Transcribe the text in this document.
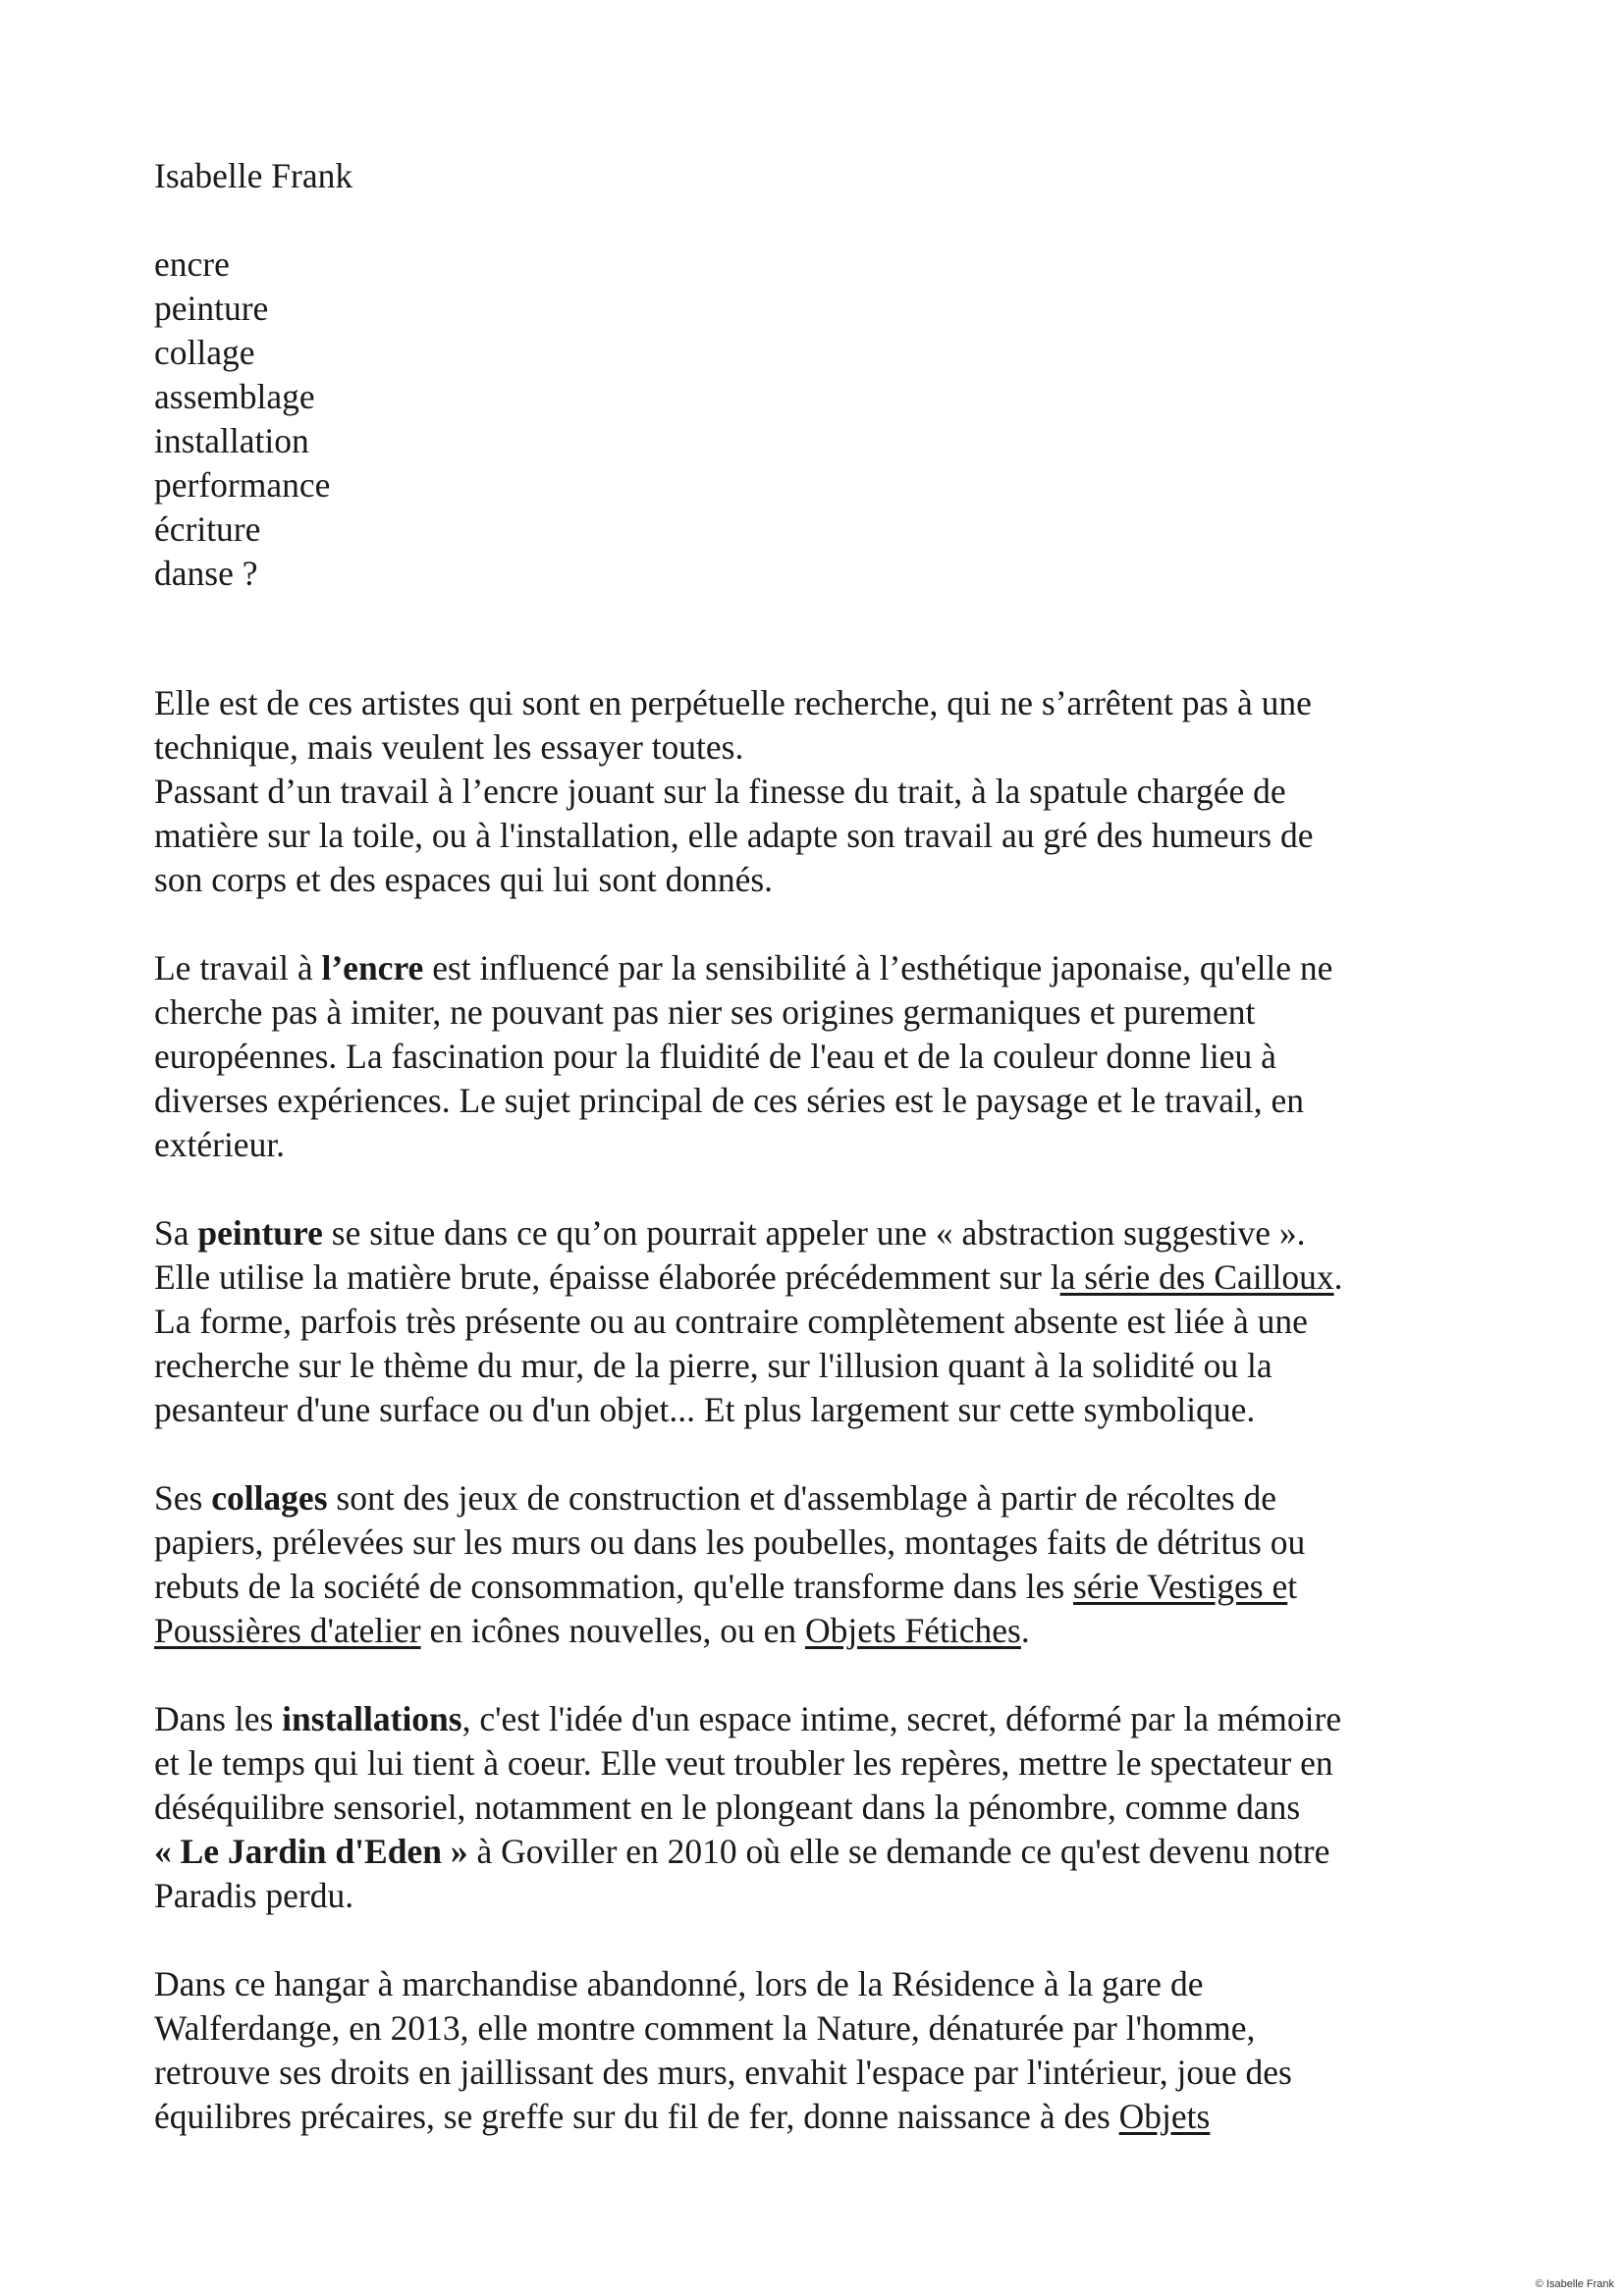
Isabelle Frank
encre
peinture
collage
assemblage
installation
performance
écriture
danse ?

Elle est de ces artistes qui sont en perpétuelle recherche, qui ne s’arrêtent pas à une
technique, mais veulent les essayer toutes.
Passant d’un travail à l’encre jouant sur la finesse du trait, à la spatule chargée de
matière sur la toile, ou à l'installation, elle adapte son travail au gré des humeurs de
son corps et des espaces qui lui sont donnés.

Le travail à l’encre est influencé par la sensibilité à l’esthétique japonaise, qu'elle ne
cherche pas à imiter, ne pouvant pas nier ses origines germaniques et purement
européennes. La fascination pour la fluidité de l'eau et de la couleur donne lieu à
diverses expériences. Le sujet principal de ces séries est le paysage et le travail, en
extérieur.

Sa peinture se situe dans ce qu’on pourrait appeler une « abstraction suggestive ».
Elle utilise la matière brute, épaisse élaborée précédemment sur la série des Cailloux.
La forme, parfois très présente ou au contraire complètement absente est liée à une
recherche sur le thème du mur, de la pierre, sur l'illusion quant à la solidité ou la
pesanteur d'une surface ou d'un objet... Et plus largement sur cette symbolique.

Ses collages sont des jeux de construction et d'assemblage à partir de récoltes de
papiers, prélevées sur les murs ou dans les poubelles, montages faits de détritus ou
rebuts de la société de consommation, qu'elle transforme dans les série Vestiges et
Poussières d'atelier en icônes nouvelles, ou en Objets Fétiches.

Dans les installations, c'est l'idée d'un espace intime, secret, déformé par la mémoire
et le temps qui lui tient à coeur. Elle veut troubler les repères, mettre le spectateur en
déséquilibre sensoriel, notamment en le plongeant dans la pénombre, comme dans
« Le Jardin d'Eden » à Goviller en 2010 où elle se demande ce qu'est devenu notre
Paradis perdu.

Dans ce hangar à marchandise abandonné, lors de la Résidence à la gare de
Walferdange, en 2013, elle montre comment la Nature, dénaturée par l'homme,
retrouve ses droits en jaillissant des murs, envahit l'espace par l'intérieur, joue des
équilibres précaires, se greffe sur du fil de fer, donne naissance à des Objets

© Isabelle Frank
